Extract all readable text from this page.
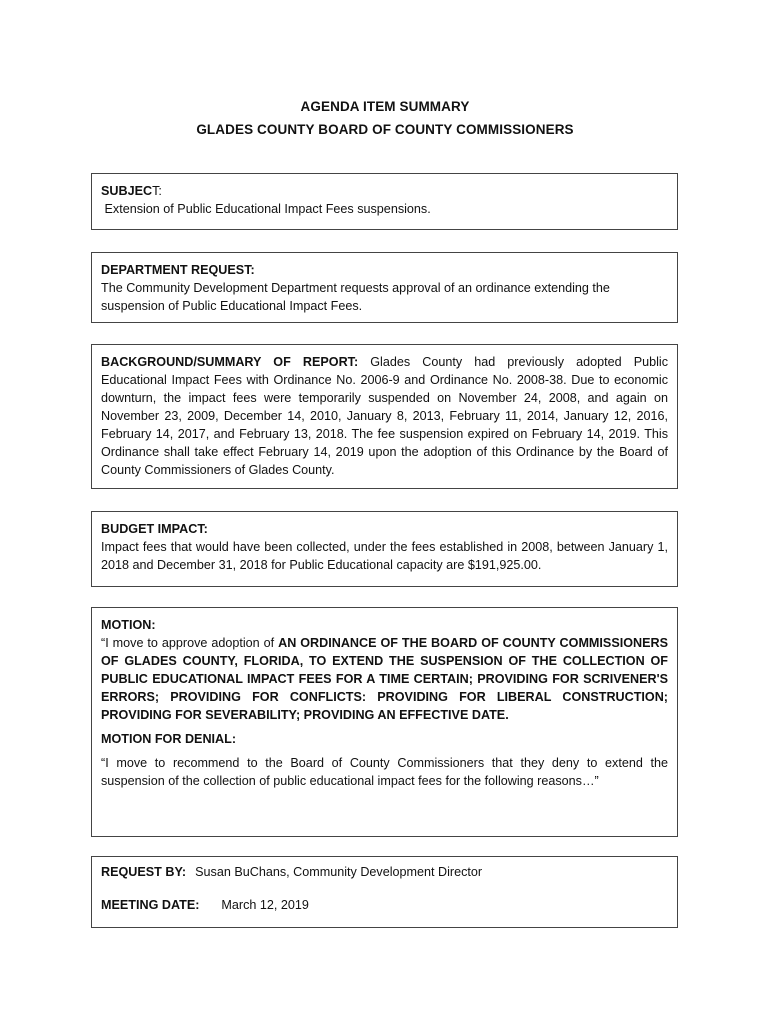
AGENDA ITEM SUMMARY
GLADES COUNTY BOARD OF COUNTY COMMISSIONERS
SUBJECT:
Extension of Public Educational Impact Fees suspensions.
DEPARTMENT REQUEST:
The Community Development Department requests approval of an ordinance extending the suspension of Public Educational Impact Fees.
BACKGROUND/SUMMARY OF REPORT: Glades County had previously adopted Public Educational Impact Fees with Ordinance No. 2006-9 and Ordinance No. 2008-38. Due to economic downturn, the impact fees were temporarily suspended on November 24, 2008, and again on November 23, 2009, December 14, 2010, January 8, 2013, February 11, 2014, January 12, 2016, February 14, 2017, and February 13, 2018. The fee suspension expired on February 14, 2019. This Ordinance shall take effect February 14, 2019 upon the adoption of this Ordinance by the Board of County Commissioners of Glades County.
BUDGET IMPACT:
Impact fees that would have been collected, under the fees established in 2008, between January 1, 2018 and December 31, 2018 for Public Educational capacity are $191,925.00.
MOTION:
“I move to approve adoption of AN ORDINANCE OF THE BOARD OF COUNTY COMMISSIONERS OF GLADES COUNTY, FLORIDA, TO EXTEND THE SUSPENSION OF THE COLLECTION OF PUBLIC EDUCATIONAL IMPACT FEES FOR A TIME CERTAIN; PROVIDING FOR SCRIVENER'S ERRORS; PROVIDING FOR CONFLICTS: PROVIDING FOR LIBERAL CONSTRUCTION; PROVIDING FOR SEVERABILITY; PROVIDING AN EFFECTIVE DATE.
MOTION FOR DENIAL:
“I move to recommend to the Board of County Commissioners that they deny to extend the suspension of the collection of public educational impact fees for the following reasons…”
REQUEST BY: Susan BuChans, Community Development Director
MEETING DATE: March 12, 2019
